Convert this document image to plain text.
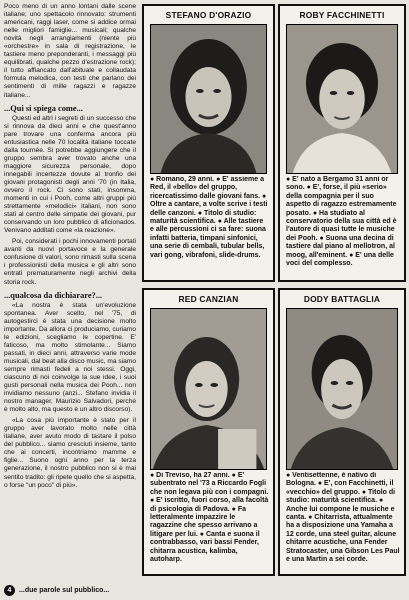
Poco meno di un anno lontani dalle scene italiane; uno spettacolo rinnovato: strumenti americani, raggi laser, come si addice ormai nelle migliori famiglie... musicali; qualche novità negli arrangiamenti (niente più «orchestre» in sala di registrazione, le tastiere meno preponderanti, i messaggi più equilibrati, qualche pezzo d'estrazione rock); il tutto affiancato dall'abituale e collaudata formula melodica, con testi che parlano dei sentimenti di mille ragazzi e ragazze italiane...

...Qui si spiega come...

Questi ed altri i segreti di un successo che si rinnova da dieci anni e che quest'anno pare trovare una conferma ancora più entusiastica nelle 70 località italiane toccate dalla tournée. Si potrebbe aggiungere che il gruppo sembra aver trovato anche una maggiore sicurezza personale, dopo innegabili incertezze dovute al tronfio dei giovani protagonisti degli anni '70 (in Italia, ovvero il rock. Ci sono stati, insomma, momenti in cui i Pooh, come altri gruppi più strettamente «melodici» italiani, non sono stati al centro delle simpatie dei giovani, pur conservando un loro pubblico di aficionados. Venivano additati come «la reazione».

Poi, considerati i pochi innovamenti portati avanti da nuovi portavoce e la generale confusione di valori, sono rimasti sulla scena i professionisti della musica e gli altri sono entrati prematuramente negli archivi della storia rock.

...qualcosa da dichiarare?...

«La nostra è stata un'evoluzione spontanea. Aver scelto, nel '75, di autogestirci è stata una decisione molto importante. Da allora ci produciamo, curiamo le edizioni, scegliamo le copertine. E' faticoso, ma molto stimolante... Siamo passati, in dieci anni, attraverso varie mode musicali, dal beat alla disco music, ma siamo sempre rimasti fedeli a noi stessi. Oggi, ciascuno di noi coinvolge la sue idee, i suoi gusti personali nella musica dei Pooh... non invidiamo nessuno (anzi... Stefano invidia il nostro manager, Maurizio Salvadori, perché è molto alto, ma questo è un altro discorso).

«La cosa più importante è stato per il gruppo aver lavorato molto nelle città italiane, aver avuto modo di tastare il polso del pubblico... siamo cresciuti insieme, tanto che ai concerti, incontriamo mamme e figlie... Suono ogni anno per la terza generazione, il nostro pubblico non si è mai sentito tradito: gli ripete quello che si aspetta, o forse "un poco" di più».

4	...due parole sul pubblico...
STEFANO D'ORAZIO
● Romano, 29 anni. ● E' assieme a Red, il «bello» del gruppo, ricercatissimo dalle giovani fans. ● Oltre a cantare, a volte scrive i testi delle canzoni. ● Titolo di studio: maturità scientifica. ● Alle tastiere e alle percussioni ci sa fare: suona infatti batteria, timpani sinfonici, una serie di cembali, tubular bells, vari gong, vibrafoni, slide-drums.
ROBY FACCHINETTI
● E' nato a Bergamo 31 anni or sono. ● E', forse, il più «serio» della compagnia per il suo aspetto di ragazzo estremamente posato. ● Ha studiato al conservatorio della sua città ed è l'autore di quasi tutte le musiche dei Pooh. ● Suona una decina di tastiere dal piano al mellotron, al moog, all'eminent. ● E' una delle voci del complesso.
RED CANZIAN
● Di Treviso, ha 27 anni. ● E' subentrato nel '73 a Riccardo Fogli che non legava più con i compagni. ● E' iscritto, fuori corso, alla facoltà di psicologia di Padova. ● Fa letteralmente impazzire le ragazzine che spesso arrivano a litigare per lui. ● Canta e suona il contrabbasso, vari bassi Fender, chitarra acustica, kalimba, autoharp.
DODY BATTAGLIA
● Ventisettenne, è nativo di Bologna. ● E', con Facchinetti, il «vecchio» del gruppo. ● Titolo di studio: maturità scientifica. ● Anche lui compone le musiche e canta. ● Chitarrista, attualmente ha a disposizione una Yamaha a 12 corde, una steel guitar, alcune chitarre acustiche, una Fender Stratocaster, una Gibson Les Paul e una Martin a sei corde.
